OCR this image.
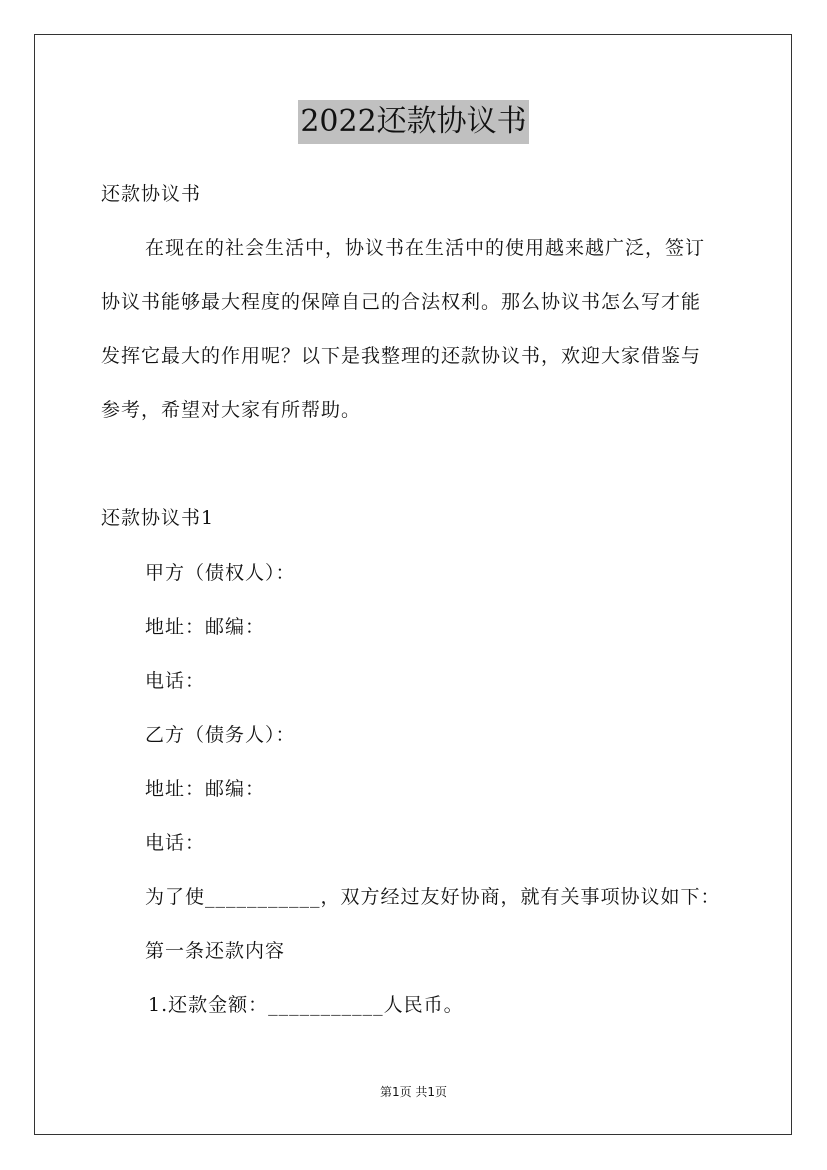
2022还款协议书

还款协议书

在现在的社会生活中，协议书在生活中的使用越来越广泛，签订

协议书能够最大程度的保障自己的合法权利。那么协议书怎么写才能

发挥它最大的作用呢？以下是我整理的还款协议书，欢迎大家借鉴与

参考，希望对大家有所帮助。

还款协议书1

甲方（债权人）：

地址：邮编：

电话：

乙方（债务人）：

地址：邮编：

电话：

为了使___________，双方经过友好协商，就有关事项协议如下：

第一条还款内容

1.还款金额：___________人民币。

第1页 共1页
